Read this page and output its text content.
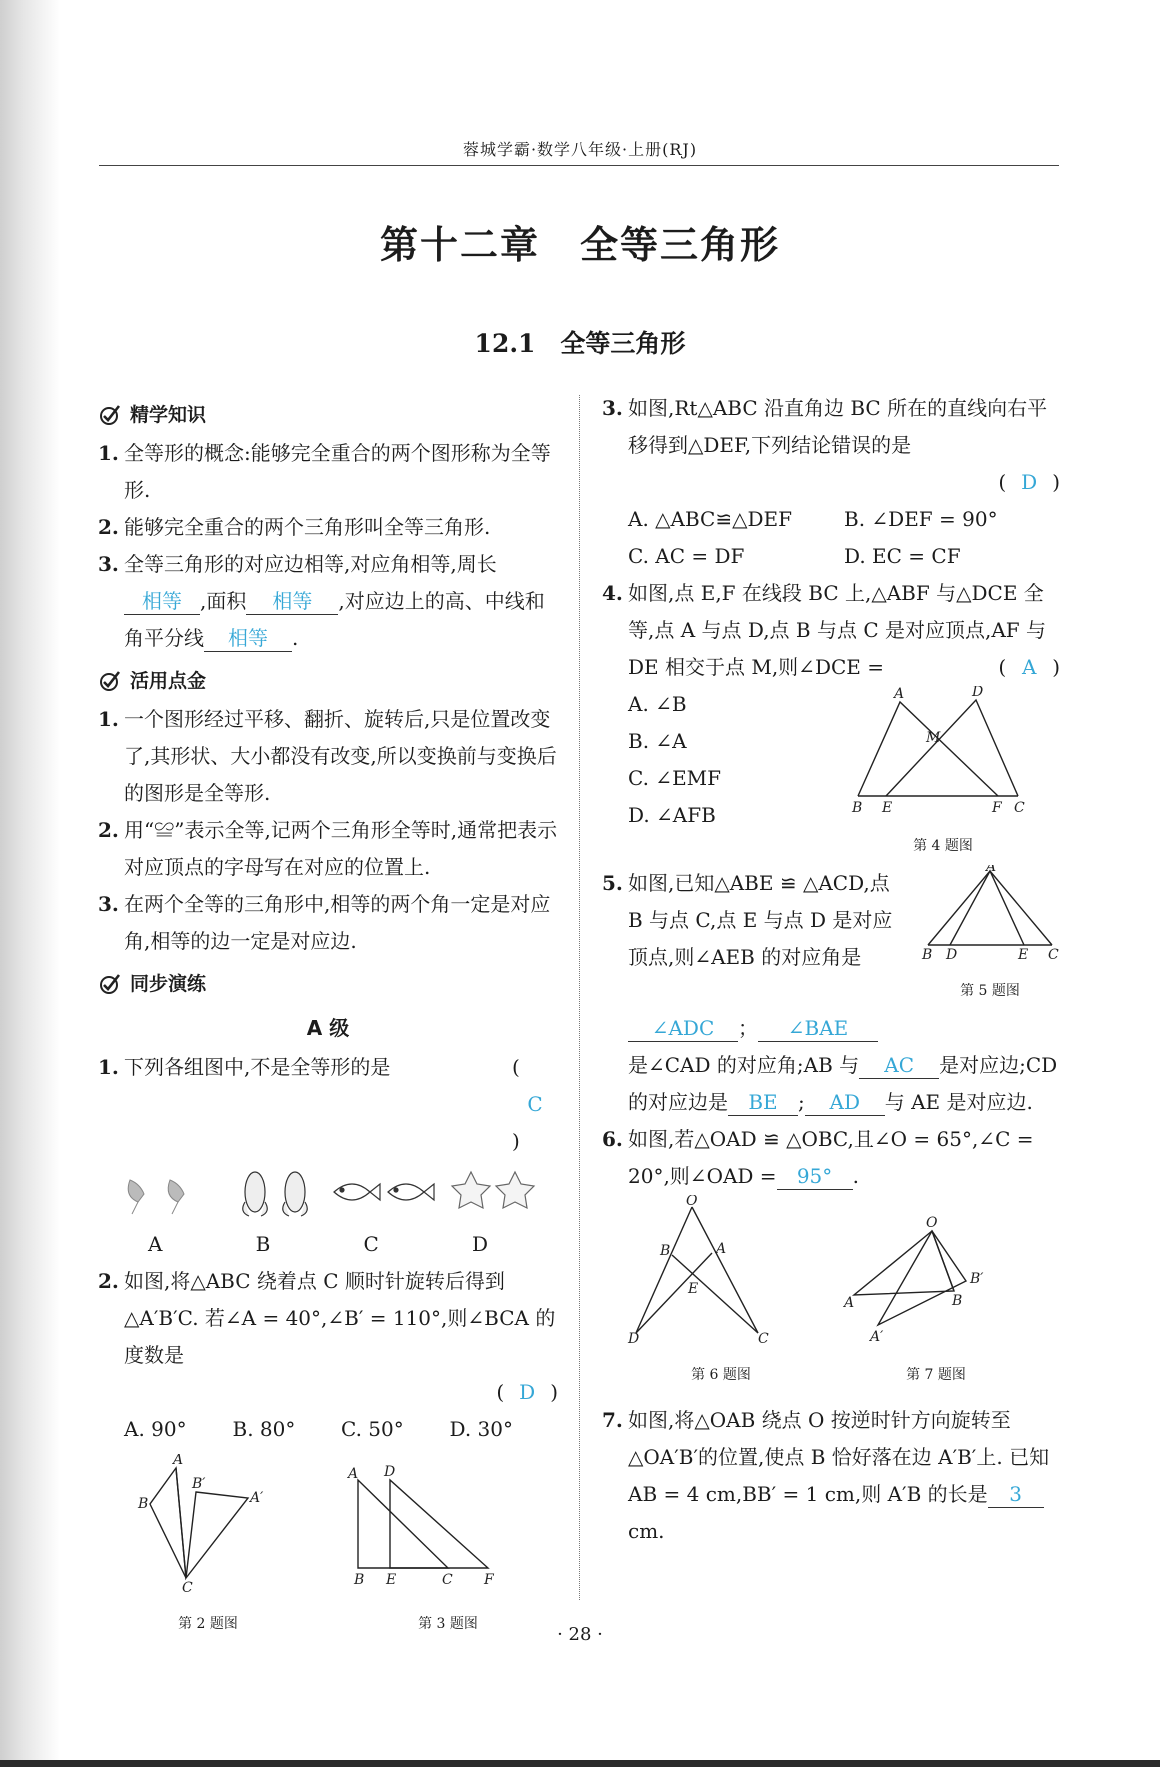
蓉城学霸·数学八年级·上册(RJ)
第十二章　全等三角形
12.1　全等三角形
精学知识
1. 全等形的概念:能够完全重合的两个图形称为全等形.
2. 能够完全重合的两个三角形叫全等三角形.
3. 全等三角形的对应边相等,对应角相等,周长相等 ,面积 相等 ,对应边上的高、中线和角平分线 相等 .
活用点金
1. 一个图形经过平移、翻折、旋转后,只是位置改变了,其形状、大小都没有改变,所以变换前与变换后的图形是全等形.
2. 用“≌”表示全等,记两个三角形全等时,通常把表示对应顶点的字母写在对应的位置上.
3. 在两个全等的三角形中,相等的两个角一定是对应角,相等的边一定是对应边.
同步演练
A 级
1. 下列各组图中,不是全等形的是	(
C
)
A	B	C	D
2. 如图,将△ABC 绕着点 C 顺时针旋转后得到△A′B′C. 若∠A = 40°,∠B′ = 110°,则∠BCA 的度数是
( D )
A. 90°	B. 80°	C. 50°	D. 30°
A
B
C
B′
A′
第 2 题图
A D
B E	C F
第 3 题图
3. 如图,Rt△ABC 沿直角边 BC 所在的直线向右平移得到△DEF,下列结论错误的是
( D )
A. △ABC≌△DEF	B. ∠DEF = 90°
C. AC = DF	D. EC = CF
4. 如图,点 E,F 在线段 BC 上,△ABF 与△DCE 全等,点 A 与点 D,点 B 与点 C 是对应顶点,AF 与 DE 相交于点 M,则∠DCE =	( A )
A. ∠B
B. ∠A
C. ∠EMF
D. ∠AFB
A	D
M
B E	F C
第 4 题图
5.
A
B D	E C
第 5 题图
如图,已知△ABE ≌ △ACD,点 B 与点 C,点 E 与点 D 是对应顶点,则∠AEB 的对应角是
∠ADC ； ∠BAE
是∠CAD 的对应角;AB 与 AC 是对应边;CD 的对应边是 BE ; AD 与 AE 是对应边.
6. 如图,若△OAD ≌ △OBC,且∠O = 65°,∠C = 20°,则∠OAD = 95° .
O
B	A
E
D	C
第 6 题图
O
A	B
B′
A′
第 7 题图
7. 如图,将△OAB 绕点 O 按逆时针方向旋转至△OA′B′的位置,使点 B 恰好落在边 A′B′上. 已知 AB = 4 cm,BB′ = 1 cm,则 A′B 的长是 3cm.
· 28 ·
